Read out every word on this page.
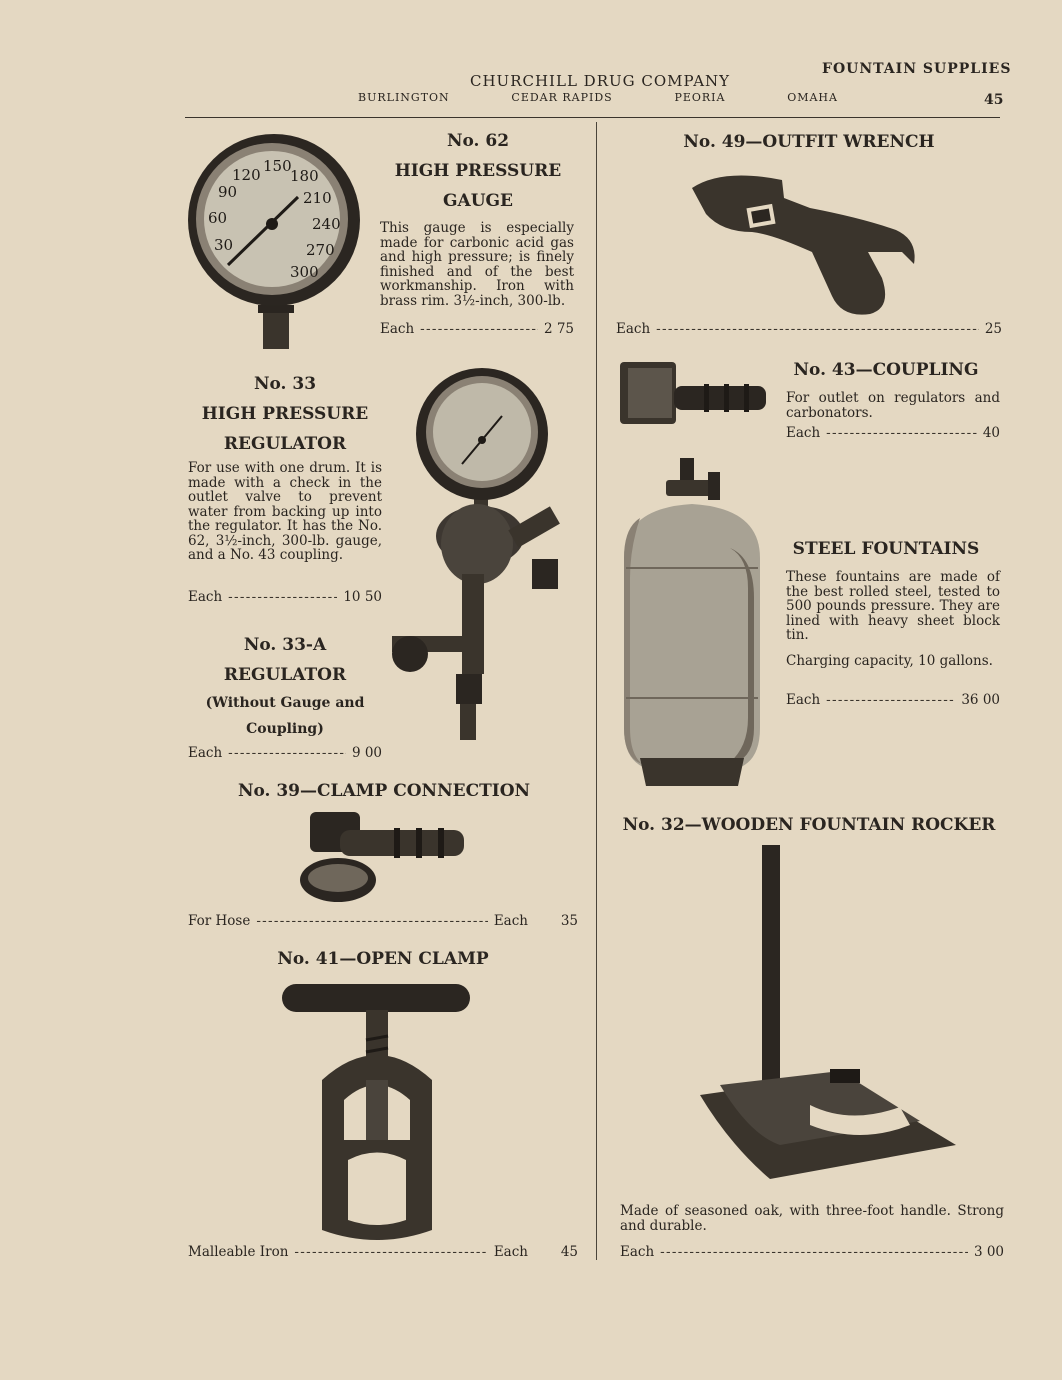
FOUNTAIN SUPPLIES
CHURCHILL DRUG COMPANY
BURLINGTON	CEDAR RAPIDS	PEORIA	OMAHA	45
30
60
90
120 150
180
210
240
270
300
No. 62
HIGH PRESSURE
GAUGE
This gauge is especially made for carbonic acid gas and high pressure; is finely finished and of the best workmanship. Iron with brass rim. 3½-inch, 300-lb.
Each - - -	2 75
No. 33
HIGH PRESSURE
REGULATOR
For use with one drum. It is made with a check in the outlet valve to prevent water from backing up into the regulator. It has the No. 62, 3½-inch, 300-lb. gauge, and a No. 43 coupling.
Each - - -	10 50
No. 33-A
REGULATOR
(Without Gauge and
Coupling)
Each - - -	9 00
No. 39—CLAMP CONNECTION
For Hose - - -	Each	35
No. 41—OPEN CLAMP
Malleable Iron - - -	Each	45
No. 49—OUTFIT WRENCH
Each - - -	25
No. 43—COUPLING
For outlet on regulators and carbonators.
Each - - -	40
STEEL FOUNTAINS
These fountains are made of the best rolled steel, tested to 500 pounds pressure. They are lined with heavy sheet block tin.
Charging capacity, 10 gallons.
Each - - -	36 00
No. 32—WOODEN FOUNTAIN ROCKER
Made of seasoned oak, with three-foot handle. Strong and durable.
Each - - -	3 00
